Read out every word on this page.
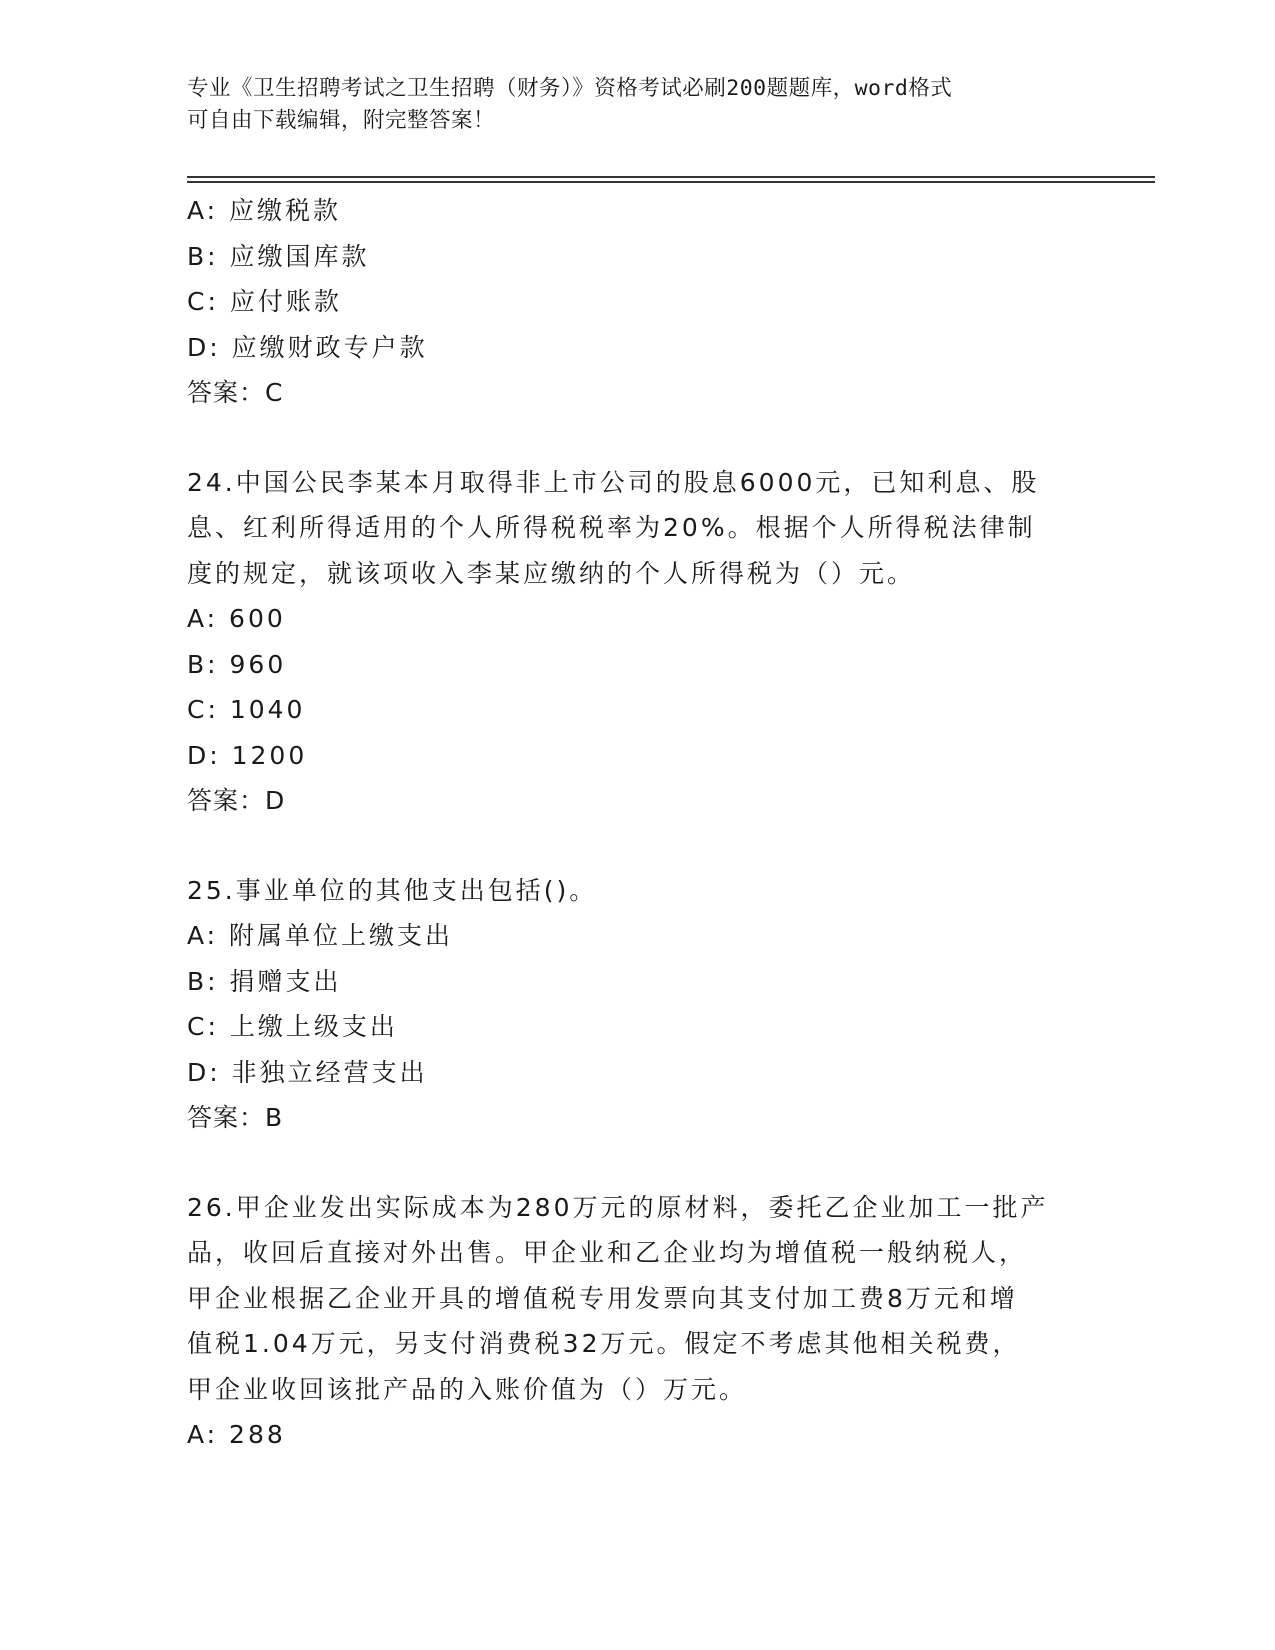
专业《卫生招聘考试之卫生招聘（财务）》资格考试必刷200题题库，word格式
可自由下载编辑，附完整答案！
A: 应缴税款
B: 应缴国库款
C: 应付账款
D: 应缴财政专户款
答案：C
24.中国公民李某本月取得非上市公司的股息6000元，已知利息、股
息、红利所得适用的个人所得税税率为20%。根据个人所得税法律制
度的规定，就该项收入李某应缴纳的个人所得税为（）元。
A: 600
B: 960
C: 1040
D: 1200
答案：D
25.事业单位的其他支出包括()。
A: 附属单位上缴支出
B: 捐赠支出
C: 上缴上级支出
D: 非独立经营支出
答案：B
26.甲企业发出实际成本为280万元的原材料，委托乙企业加工一批产
品，收回后直接对外出售。甲企业和乙企业均为增值税一般纳税人，
甲企业根据乙企业开具的增值税专用发票向其支付加工费8万元和增
值税1.04万元，另支付消费税32万元。假定不考虑其他相关税费，
甲企业收回该批产品的入账价值为（）万元。
A: 288
